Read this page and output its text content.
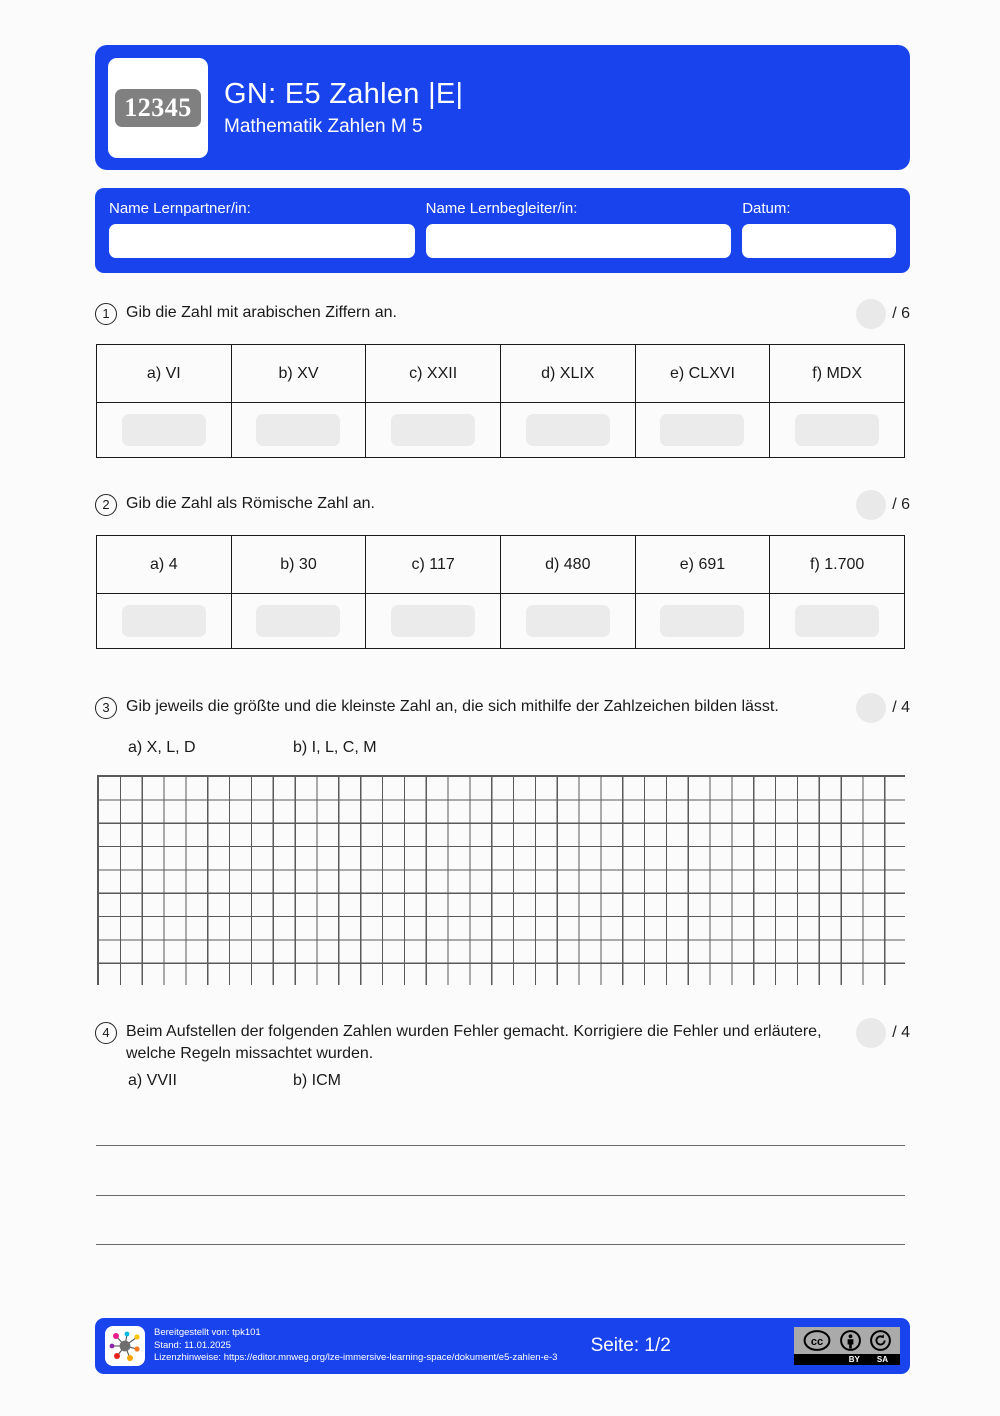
12345	GN: E5 Zahlen |E|
Mathematik Zahlen M 5
Name Lernpartner/in:	Name Lernbegleiter/in:	Datum:
1	Gib die Zahl mit arabischen Ziffern an.	/ 6
a) VI	b) XV	c) XXII	d) XLIX	e) CLXVI	f) MDX

2	Gib die Zahl als Römische Zahl an.	/ 6
a) 4	b) 30	c) 117	d) 480	e) 691	f) 1.700

3	Gib jeweils die größte und die kleinste Zahl an, die sich mithilfe der Zahlzeichen bilden lässt.	/ 4
a) X, L, D	b) I, L, C, M
4	Beim Aufstellen der folgenden Zahlen wurden Fehler gemacht. Korrigiere die Fehler und erläutere, welche Regeln missachtet wurden.
/ 4
a) VVII	b) ICM
Bereitgestellt von: tpk101
Stand: 11.01.2025
Lizenzhinweise: https://editor.mnweg.org/lze-immersive-learning-space/dokument/e5-zahlen-e-3
Seite: 1/2	cc
BY SA
